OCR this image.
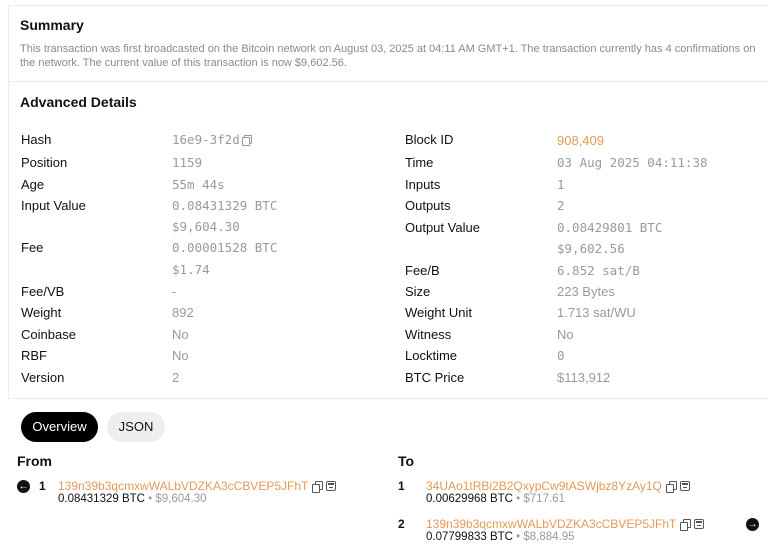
Summary
This transaction was first broadcasted on the Bitcoin network on August 03, 2025 at 04:11 AM GMT+1. The transaction currently has 4 confirmations on the network. The current value of this transaction is now $9,602.56.
Advanced Details
Hash	16e9-3f2d
Position	1159
Age	55m 44s
Input Value	0.08431329 BTC
$9,604.30
Fee	0.00001528 BTC
$1.74
Fee/VB	-
Weight	892
Coinbase	No
RBF	No
Version	2
Block ID	908,409
Time	03 Aug 2025 04:11:38
Inputs	1
Outputs	2
Output Value	0.08429801 BTC
$9,602.56
Fee/B	6.852 sat/B
Size	223 Bytes
Weight Unit	1.713 sat/WU
Witness	No
Locktime	0
BTC Price	$113,912
Overview	JSON
From
← 1 139n39b3qcmxwWALbVDZKA3cCBVEP5JFhT
0.08431329 BTC • $9,604.30
To
1 34UAo1tRBi2B2QxypCw9tASWjbz8YzAy1Q
0.00629968 BTC • $717.61
2 139n39b3qcmxwWALbVDZKA3cCBVEP5JFhT
0.07799833 BTC • $8,884.95
→
